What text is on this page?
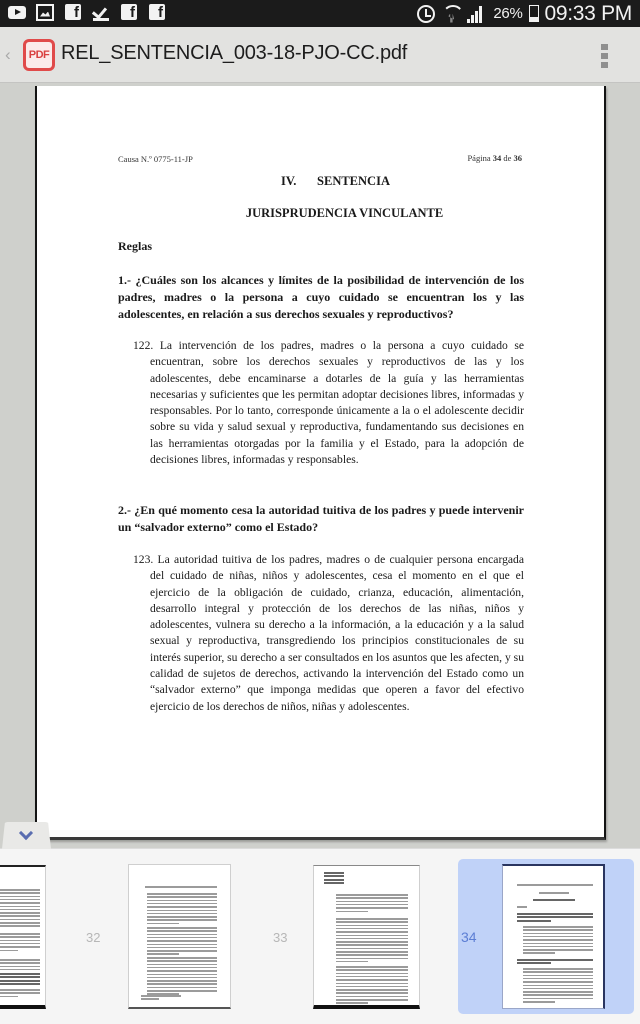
f	f	f	26% 09:33 PM
‹	PDF REL_SENTENCIA_003-18-PJO-CC.pdf
Causa N.º 0775-11-JP	Página 34 de 36
IV. SENTENCIA
JURISPRUDENCIA VINCULANTE
Reglas
1.- ¿Cuáles son los alcances y límites de la posibilidad de intervención de los padres, madres o la persona a cuyo cuidado se encuentran los y las adolescentes, en relación a sus derechos sexuales y reproductivos?
122. La intervención de los padres, madres o la persona a cuyo cuidado se encuentran, sobre los derechos sexuales y reproductivos de las y los adolescentes, debe encaminarse a dotarles de la guía y las herramientas necesarias y suficientes que les permitan adoptar decisiones libres, informadas y responsables. Por lo tanto, corresponde únicamente a la o el adolescente decidir sobre su vida y salud sexual y reproductiva, fundamentando sus decisiones en las herramientas otorgadas por la familia y el Estado, para la adopción de decisiones libres, informadas y responsables.
2.- ¿En qué momento cesa la autoridad tuitiva de los padres y puede intervenir un “salvador externo” como el Estado?
123. La autoridad tuitiva de los padres, madres o de cualquier persona encargada del cuidado de niñas, niños y adolescentes, cesa el momento en el que el ejercicio de la obligación de cuidado, crianza, educación, alimentación, desarrollo integral y protección de los derechos de las niñas, niños y adolescentes, vulnera su derecho a la información, a la educación y a la salud sexual y reproductiva, transgrediendo los principios constitucionales de su interés superior, su derecho a ser consultados en los asuntos que les afecten, y su calidad de sujetos de derechos, activando la intervención del Estado como un “salvador externo” que imponga medidas que operen a favor del efectivo ejercicio de los derechos de niños, niñas y adolescentes.
32	33	34
